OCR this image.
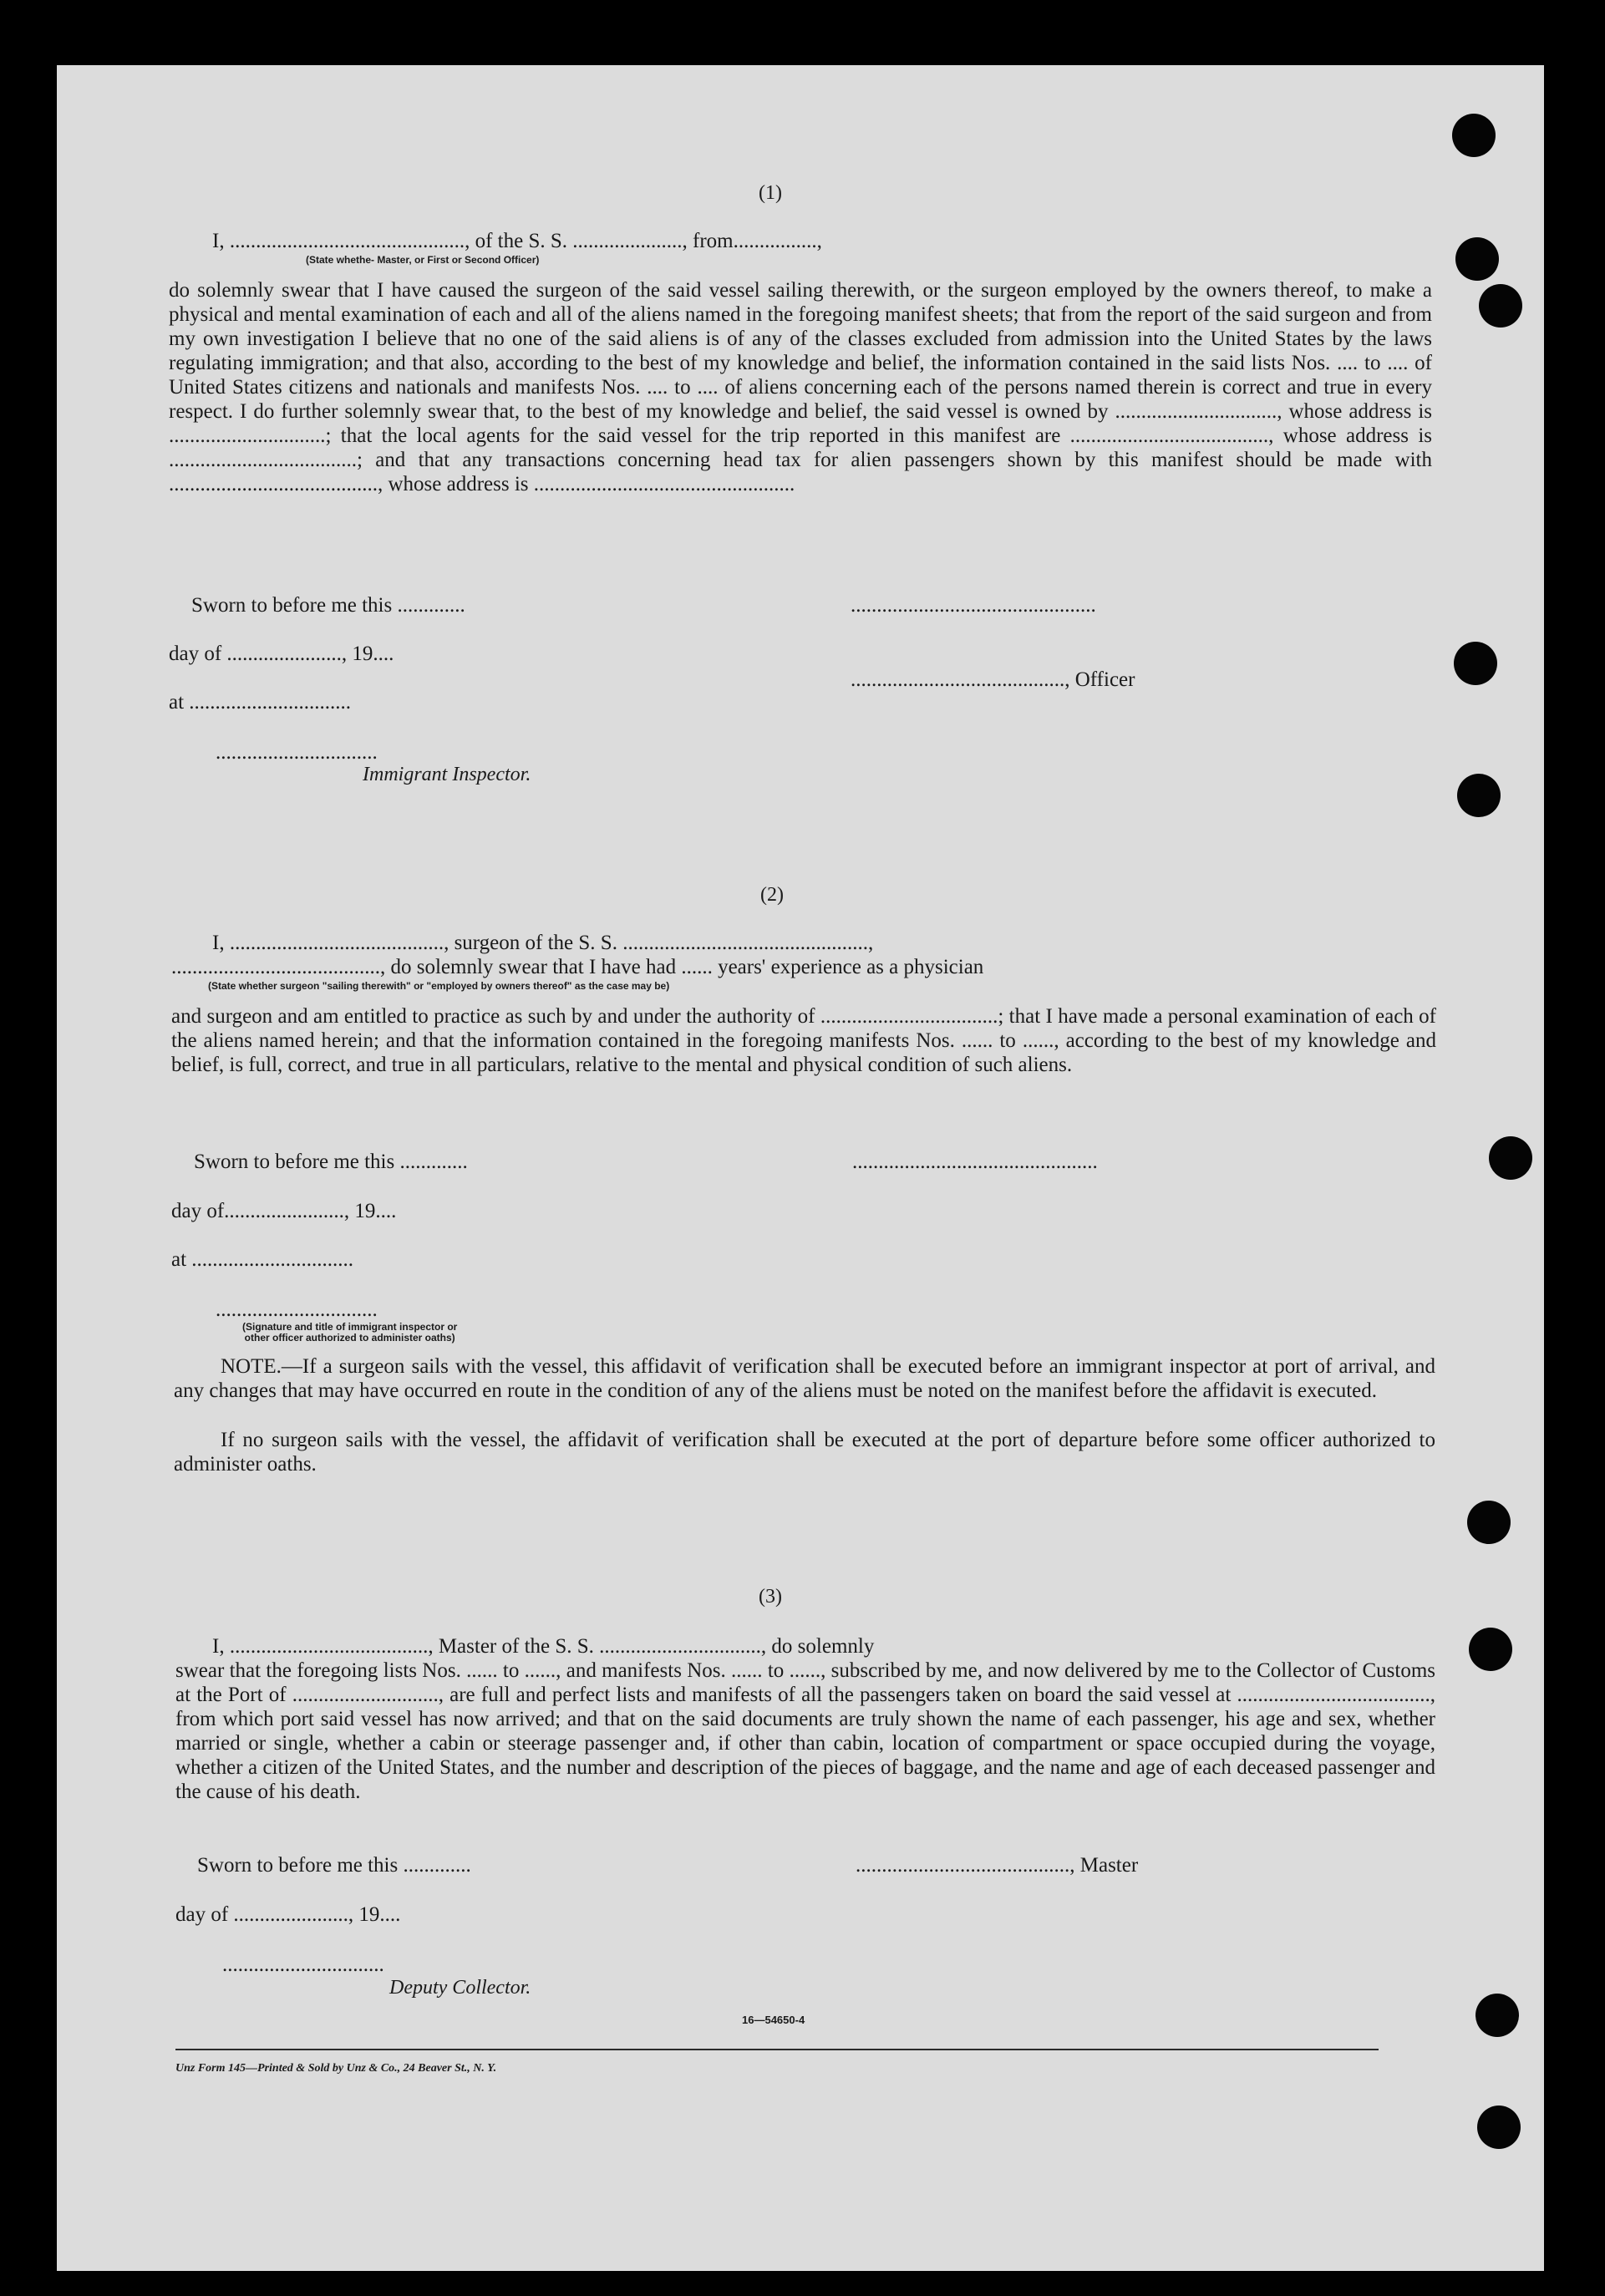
(1)
I, ............................................., of the S. S. ....................., from................,
(State whethe- Master, or First or Second Officer)
do solemnly swear that I have caused the surgeon of the said vessel sailing therewith, or the surgeon employed by the owners thereof, to make a physical and mental examination of each and all of the aliens named in the foregoing manifest sheets; that from the report of the said surgeon and from my own investigation I believe that no one of the said aliens is of any of the classes excluded from admission into the United States by the laws regulating immigration; and that also, according to the best of my knowledge and belief, the information contained in the said lists Nos. .... to .... of United States citizens and nationals and manifests Nos. .... to .... of aliens concerning each of the persons named therein is correct and true in every respect. I do further solemnly swear that, to the best of my knowledge and belief, the said vessel is owned by ..............................., whose address is ..............................; that the local agents for the said vessel for the trip reported in this manifest are ......................................, whose address is ....................................; and that any transactions concerning head tax for alien passengers shown by this manifest should be made with ........................................, whose address is ..................................................
Sworn to before me this .............	...............................................
day of ......................, 19....
........................................., Officer
at ...............................
...............................
Immigrant Inspector.
(2)
I, ........................................., surgeon of the S. S. ...............................................,
........................................, do solemnly swear that I have had ...... years' experience as a physician
(State whether surgeon "sailing therewith" or "employed by owners thereof" as the case may be)
and surgeon and am entitled to practice as such by and under the authority of ..................................; that I have made a personal examination of each of the aliens named herein; and that the information contained in the foregoing manifests Nos. ...... to ......, according to the best of my knowledge and belief, is full, correct, and true in all particulars, relative to the mental and physical condition of such aliens.
Sworn to before me this .............	...............................................
day of......................., 19....
at ...............................
...............................
(Signature and title of immigrant inspector or
other officer authorized to administer oaths)
NOTE.—If a surgeon sails with the vessel, this affidavit of verification shall be executed before an immigrant inspector at port of arrival, and any changes that may have occurred en route in the condition of any of the aliens must be noted on the manifest before the affidavit is executed.
If no surgeon sails with the vessel, the affidavit of verification shall be executed at the port of departure before some officer authorized to administer oaths.
(3)
I, ......................................, Master of the S. S. ..............................., do solemnly
swear that the foregoing lists Nos. ...... to ......, and manifests Nos. ...... to ......, subscribed by me, and now delivered by me to the Collector of Customs at the Port of ............................, are full and perfect lists and manifests of all the passengers taken on board the said vessel at ....................................., from which port said vessel has now arrived; and that on the said documents are truly shown the name of each passenger, his age and sex, whether married or single, whether a cabin or steerage passenger and, if other than cabin, location of compartment or space occupied during the voyage, whether a citizen of the United States, and the number and description of the pieces of baggage, and the name and age of each deceased passenger and the cause of his death.
Sworn to before me this .............	........................................., Master
day of ......................, 19....
...............................
Deputy Collector.
16—54650-4
Unz Form 145—Printed & Sold by Unz & Co., 24 Beaver St., N. Y.
